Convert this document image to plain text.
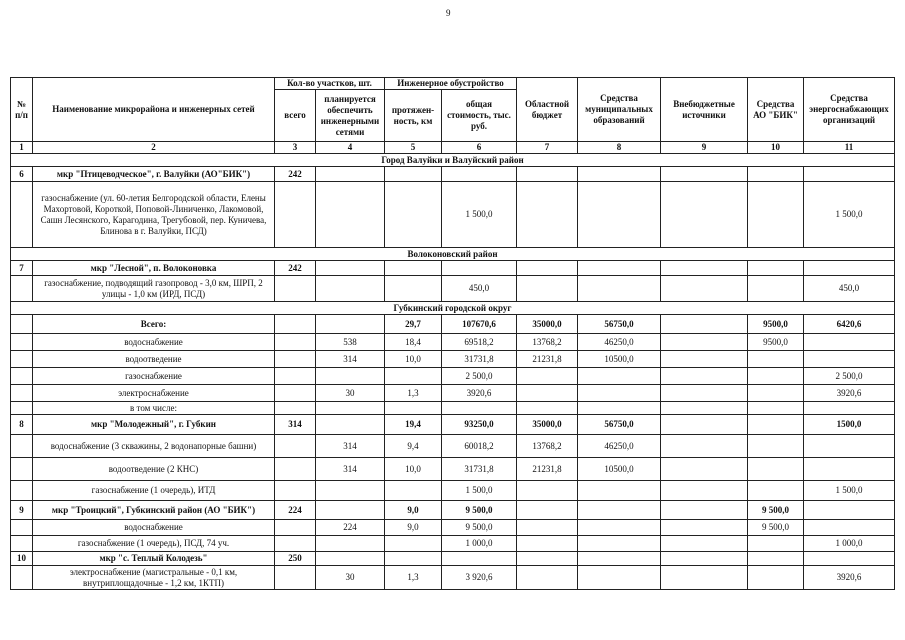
9
№ п/п	Наименование микрорайона и инженерных сетей	Кол-во участков, шт.		Инженерное обустройство		Областной бюджет	Средства муниципальных образований	Внебюджетные источники	Средства АО "БИК"	Средства энергоснабжающих организаций
		всего	планируется обеспечить инженерными сетями	протяжен-ность, км	общая стоимость, тыс. руб.					
1	2	3	4	5	6	7	8	9	10	11
Город Валуйки и Валуйский район										
6	мкр "Птицеводческое", г. Валуйки (АО"БИК")	242								
	газоснабжение (ул. 60-летия Белгородской области, Елены Махортовой, Короткой, Поповой-Линиченко, Лакомовой, Сашн Лесянского, Карагодина, Трегубовой, пер. Куничева, Блинова в г. Валуйки, ПСД)				1 500,0					1 500,0
Волоконовский район										
7	мкр "Лесной", п. Волоконовка	242								
	газоснабжение, подводящий газопровод - 3,0 км, ШРП, 2 улицы - 1,0 км (ИРД, ПСД)				450,0					450,0
Губкинский городской округ										
	Всего:			29,7	107670,6	35000,0	56750,0		9500,0	6420,6
	водоснабжение		538	18,4	69518,2	13768,2	46250,0		9500,0	
	водоотведение		314	10,0	31731,8	21231,8	10500,0			
	газоснабжение				2 500,0					2 500,0
	электроснабжение		30	1,3	3920,6					3920,6
	в том числе:									
8	мкр "Молодежный", г. Губкин	314		19,4	93250,0	35000,0	56750,0			1500,0
	водоснабжение (3 скважины, 2 водонапорные башни)		314	9,4	60018,2	13768,2	46250,0			
	водоотведение (2 КНС)		314	10,0	31731,8	21231,8	10500,0			
	газоснабжение (1 очередь), ИТД				1 500,0					1 500,0
9	мкр "Троицкий", Губкинский район (АО "БИК")	224		9,0	9 500,0				9 500,0	
	водоснабжение		224	9,0	9 500,0				9 500,0	
	газоснабжение (1 очередь), ПСД, 74 уч.				1 000,0					1 000,0
10	мкр "с. Теплый Колодезь"	250								
	электроснабжение (магистральные - 0,1 км, внутриплощадочные - 1,2 км, 1КТП)		30	1,3	3 920,6					3920,6
